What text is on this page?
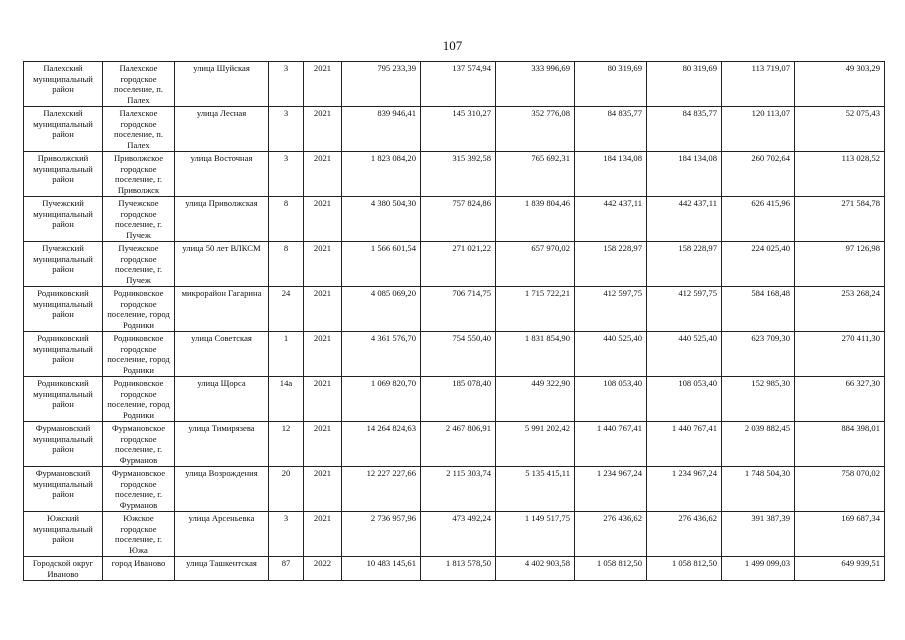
107
Палехский муниципальный район	Палехское городское поселение, п. Палех	улица Шуйская	3	2021	795 233,39	137 574,94	333 996,69	80 319,69	80 319,69	113 719,07	49 303,29
Палехский муниципальный район	Палехское городское поселение, п. Палех	улица Лесная	3	2021	839 946,41	145 310,27	352 776,08	84 835,77	84 835,77	120 113,07	52 075,43
Приволжский муниципальный район	Приволжское городское поселение, г. Приволжск	улица Восточная	3	2021	1 823 084,20	315 392,58	765 692,31	184 134,08	184 134,08	260 702,64	113 028,52
Пучежский муниципальный район	Пучежское городское поселение, г. Пучеж	улица Приволжская	8	2021	4 380 504,30	757 824,86	1 839 804,46	442 437,11	442 437,11	626 415,96	271 584,78
Пучежский муниципальный район	Пучежское городское поселение, г. Пучеж	улица 50 лет ВЛКСМ	8	2021	1 566 601,54	271 021,22	657 970,02	158 228,97	158 228,97	224 025,40	97 126,98
Родниковский муниципальный район	Родниковское городское поселение, город Родники	микрорайон Гагарина	24	2021	4 085 069,20	706 714,75	1 715 722,21	412 597,75	412 597,75	584 168,48	253 268,24
Родниковский муниципальный район	Родниковское городское поселение, город Родники	улица Советская	1	2021	4 361 576,70	754 550,40	1 831 854,90	440 525,40	440 525,40	623 709,30	270 411,30
Родниковский муниципальный район	Родниковское городское поселение, город Родники	улица Щорса	14а	2021	1 069 820,70	185 078,40	449 322,90	108 053,40	108 053,40	152 985,30	66 327,30
Фурмановский муниципальный район	Фурмановское городское поселение, г. Фурманов	улица Тимирязева	12	2021	14 264 824,63	2 467 806,91	5 991 202,42	1 440 767,41	1 440 767,41	2 039 882,45	884 398,01
Фурмановский муниципальный район	Фурмановское городское поселение, г. Фурманов	улица Возрождения	20	2021	12 227 227,66	2 115 303,74	5 135 415,11	1 234 967,24	1 234 967,24	1 748 504,30	758 070,02
Южский муниципальный район	Южское городское поселение, г. Южа	улица Арсеньевка	3	2021	2 736 957,96	473 492,24	1 149 517,75	276 436,62	276 436,62	391 387,39	169 687,34
Городской округ Иваново	город Иваново	улица Ташкентская	87	2022	10 483 145,61	1 813 578,50	4 402 903,58	1 058 812,50	1 058 812,50	1 499 099,03	649 939,51
